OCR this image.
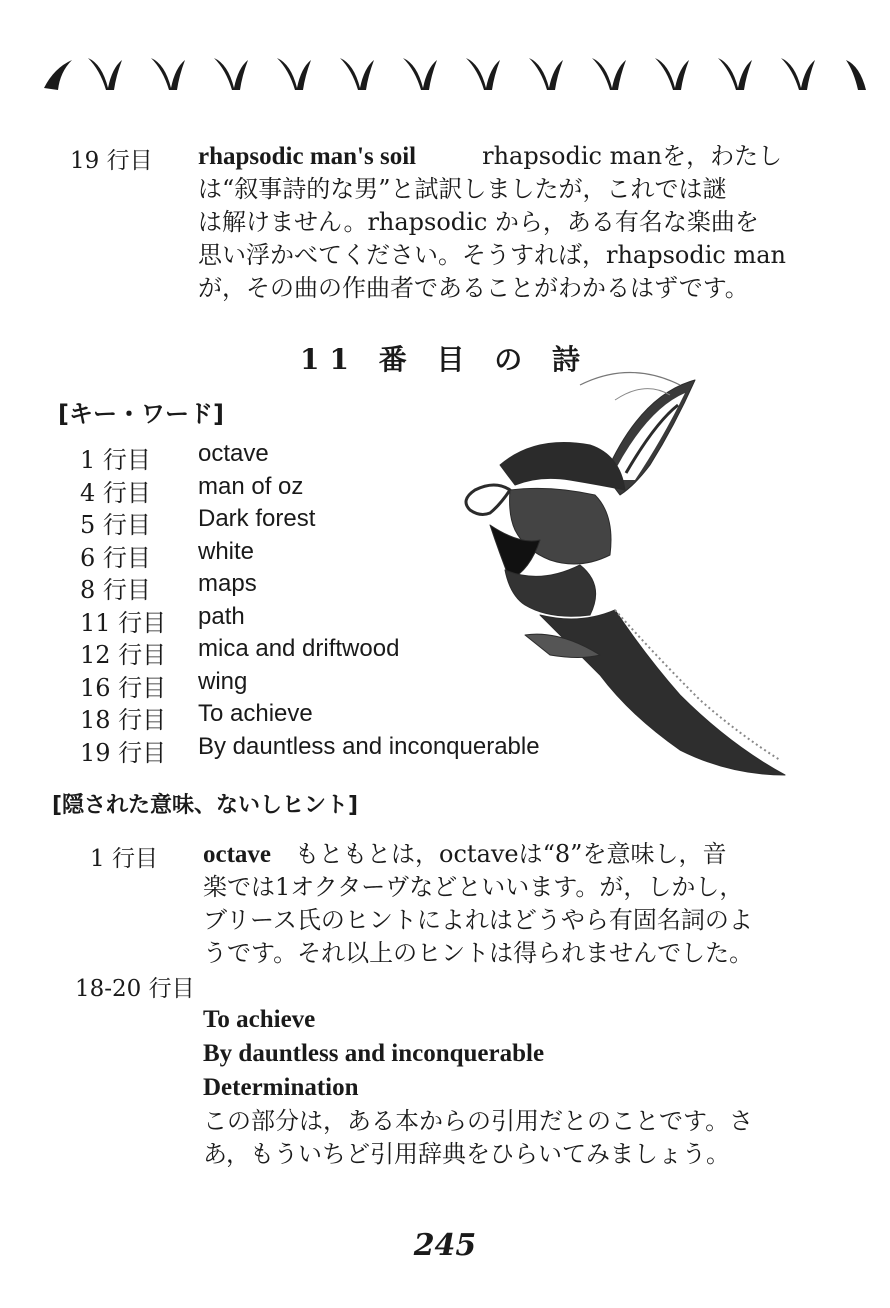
19 行目 rhapsodic man's soil	rhapsodic manを，わたし
は“叙事詩的な男”と試訳しましたが，これでは謎
は解けません。rhapsodic から，ある有名な楽曲を
思い浮かべてください。そうすれば，rhapsodic man
が，その曲の作曲者であることがわかるはずです。
11 番 目 の 詩
[キー・ワード]
1 行目	octave
4 行目	man of oz
5 行目	Dark forest
6 行目	white
8 行目	maps
11 行目	path
12 行目	mica and driftwood
16 行目	wing
18 行目	To achieve
19 行目	By dauntless and inconquerable
[隠された意味、ないしヒント]
1 行目 octave　もともとは，octaveは“8”を意味し，音
楽では1オクターヴなどといいます。が，しかし，
ブリース氏のヒントによれはどうやら有固名詞のよ
うです。それ以上のヒントは得られませんでした。
18-20 行目
To achieve
By dauntless and inconquerable
Determination
この部分は，ある本からの引用だとのことです。さ
あ，もういちど引用辞典をひらいてみましょう。
245
